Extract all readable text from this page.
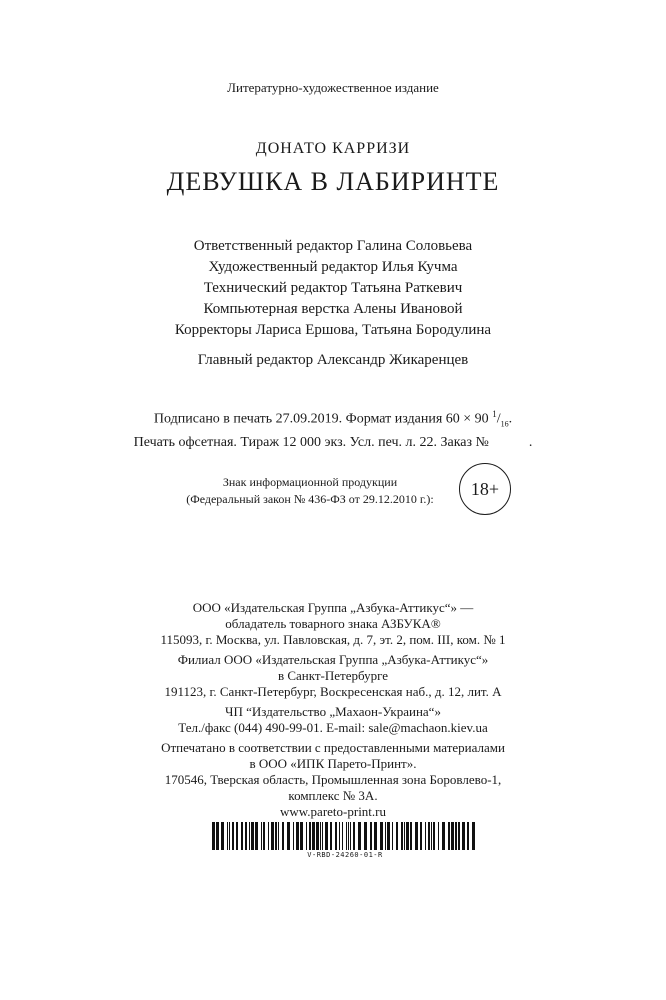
Литературно-художественное издание
ДОНАТО КАРРИЗИ
ДЕВУШКА В ЛАБИРИНТЕ
Ответственный редактор Галина Соловьева
Художественный редактор Илья Кучма
Технический редактор Татьяна Раткевич
Компьютерная верстка Алены Ивановой
Корректоры Лариса Ершова, Татьяна Бородулина
Главный редактор Александр Жикаренцев
Подписано в печать 27.09.2019. Формат издания 60 × 90 $^1/_{16}$.
Печать офсетная. Тираж 12 000 экз. Усл. печ. л. 22. Заказ №	.
Знак информационной продукции
(Федеральный закон № 436-ФЗ от 29.12.2010 г.):
18+
ООО «Издательская Группа „Азбука-Аттикус“» —
обладатель товарного знака АЗБУКА®
115093, г. Москва, ул. Павловская, д. 7, эт. 2, пом. III, ком. № 1
Филиал ООО «Издательская Группа „Азбука-Аттикус“»
в Санкт-Петербурге
191123, г. Санкт-Петербург, Воскресенская наб., д. 12, лит. А
ЧП “Издательство „Махаон-Украина“»
Тел./факс (044) 490-99-01. E-mail: sale@machaon.kiev.ua
Отпечатано в соответствии с предоставленными материалами
в ООО «ИПК Парето-Принт».
170546, Тверская область, Промышленная зона Боровлево-1,
комплекс № 3А.
www.pareto-print.ru
V-RBD-24260-01-R
